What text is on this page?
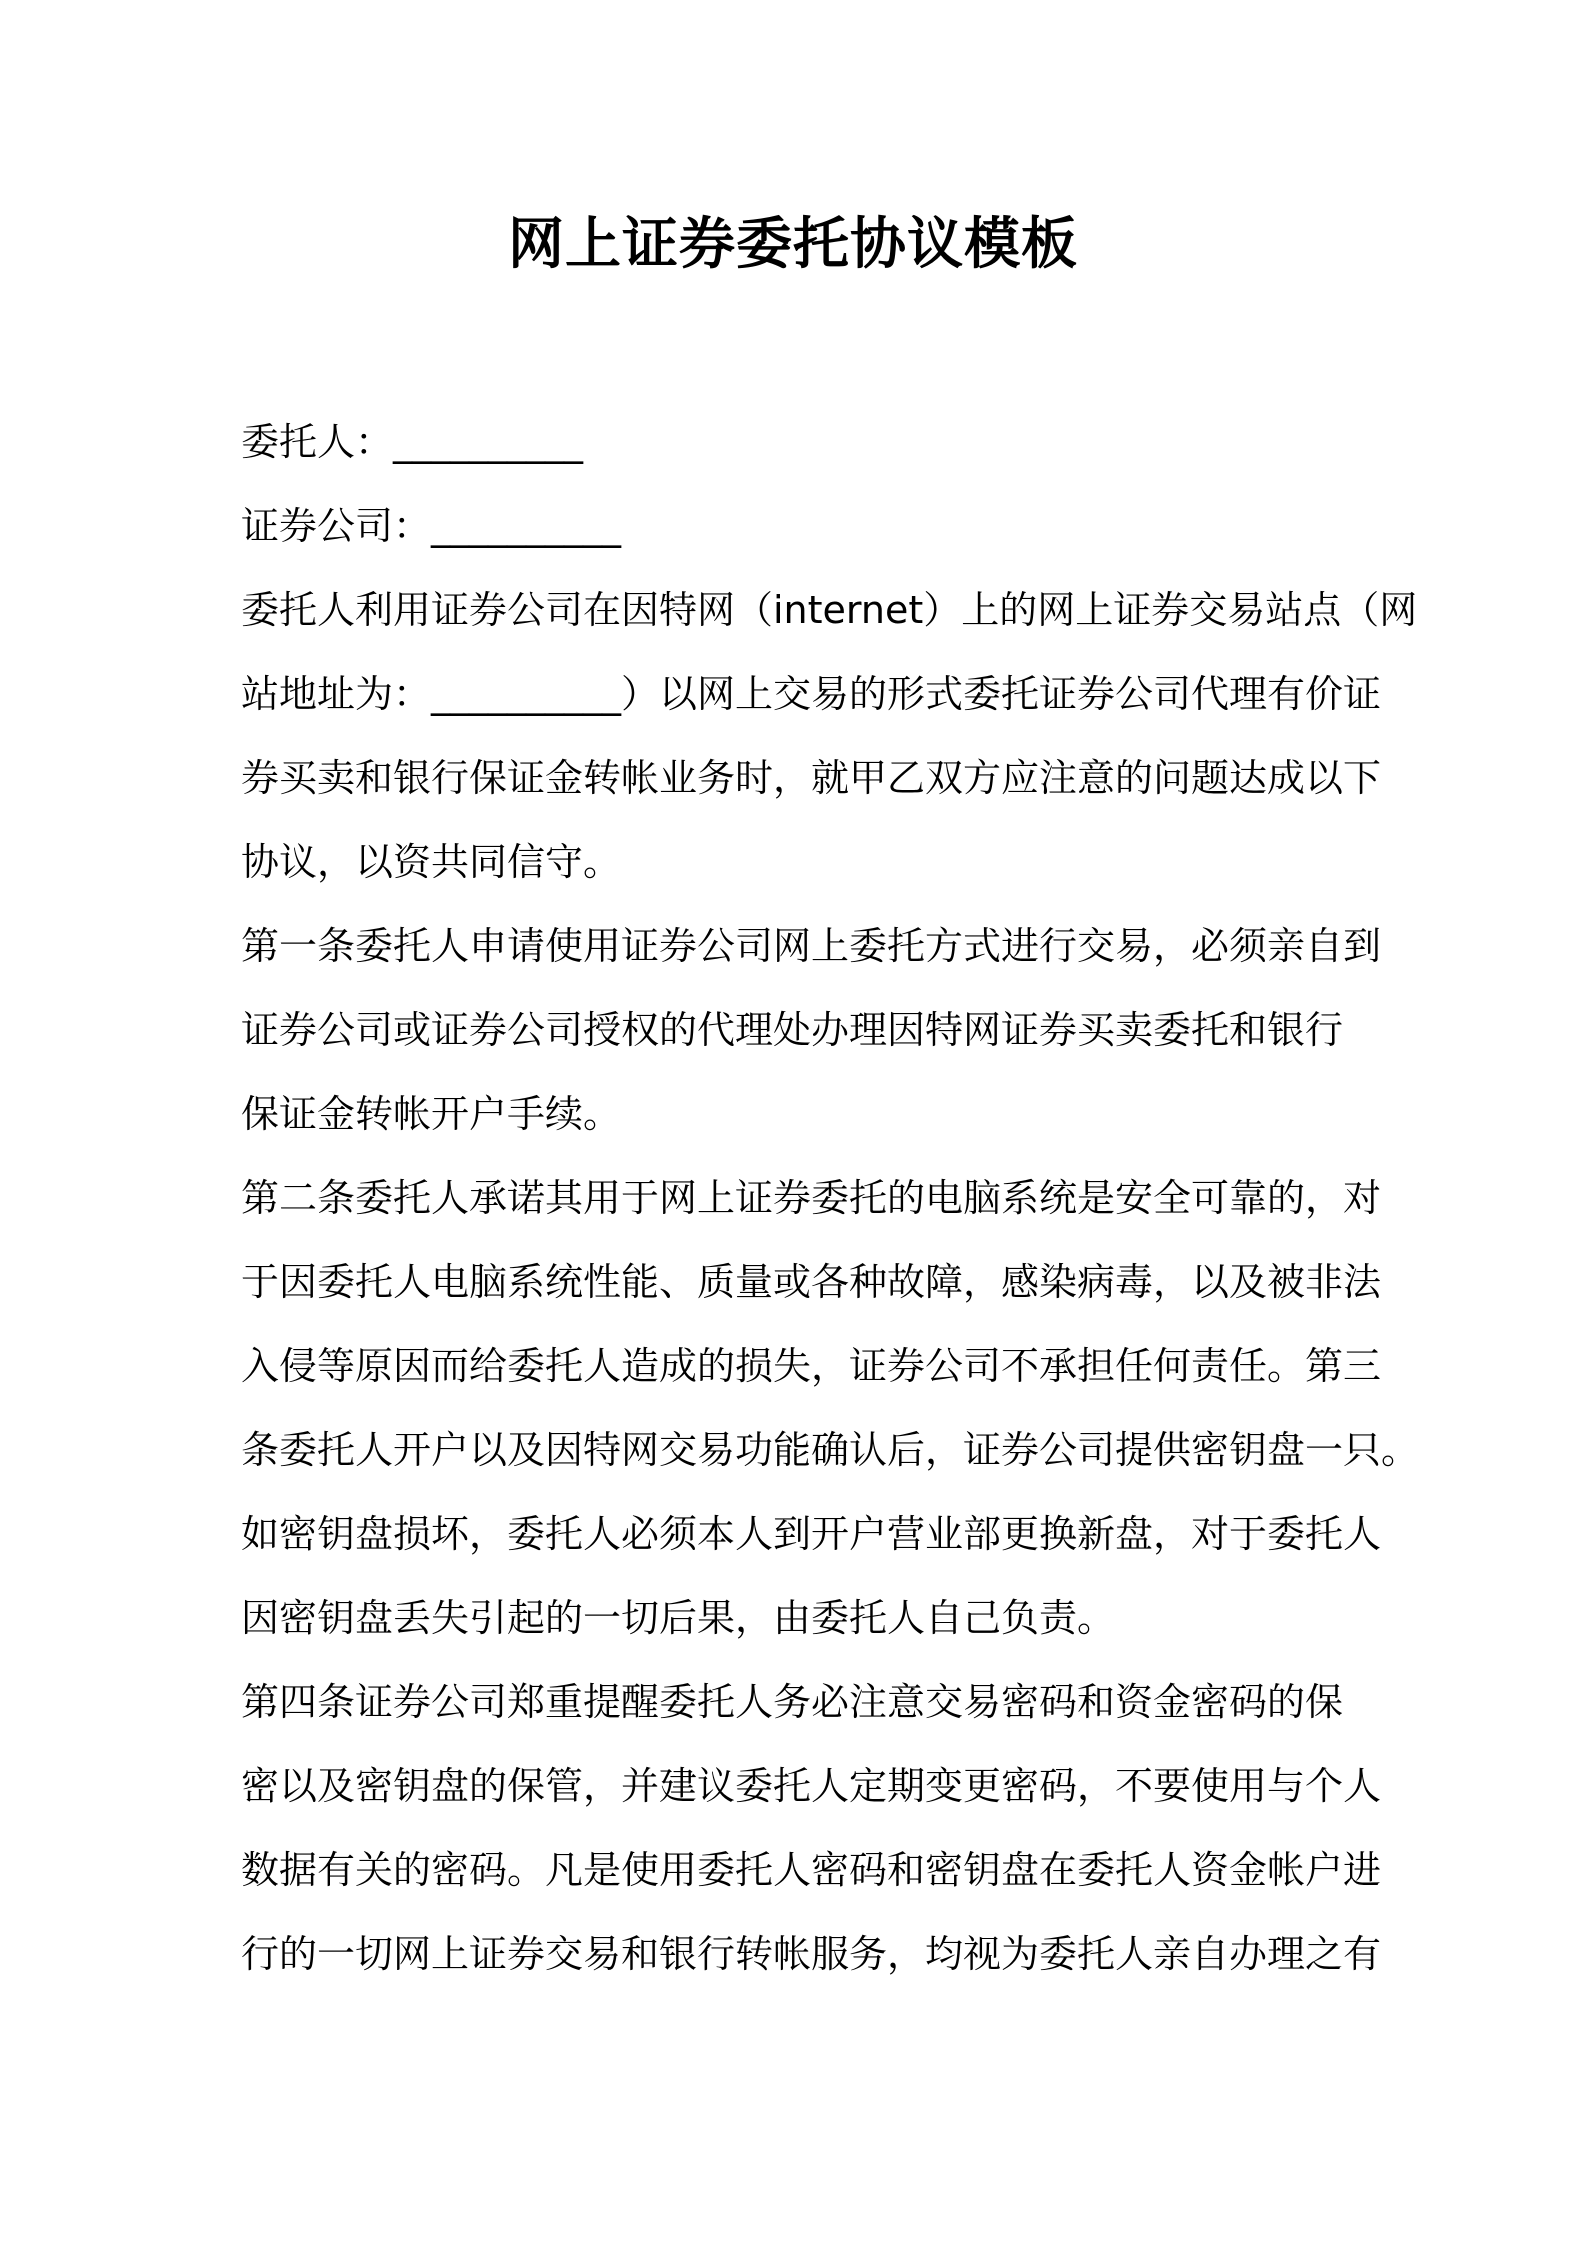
网上证券委托协议模板
委托人：__________
证券公司：__________
委托人利用证券公司在因特网（internet）上的网上证券交易站点（网
站地址为：__________）以网上交易的形式委托证券公司代理有价证
券买卖和银行保证金转帐业务时，就甲乙双方应注意的问题达成以下
协议，以资共同信守。
第一条委托人申请使用证券公司网上委托方式进行交易，必须亲自到
证券公司或证券公司授权的代理处办理因特网证券买卖委托和银行
保证金转帐开户手续。
第二条委托人承诺其用于网上证券委托的电脑系统是安全可靠的，对
于因委托人电脑系统性能、质量或各种故障，感染病毒，以及被非法
入侵等原因而给委托人造成的损失，证券公司不承担任何责任。第三
条委托人开户以及因特网交易功能确认后，证券公司提供密钥盘一只。
如密钥盘损坏，委托人必须本人到开户营业部更换新盘，对于委托人
因密钥盘丢失引起的一切后果，由委托人自己负责。
第四条证券公司郑重提醒委托人务必注意交易密码和资金密码的保
密以及密钥盘的保管，并建议委托人定期变更密码，不要使用与个人
数据有关的密码。凡是使用委托人密码和密钥盘在委托人资金帐户进
行的一切网上证券交易和银行转帐服务，均视为委托人亲自办理之有
